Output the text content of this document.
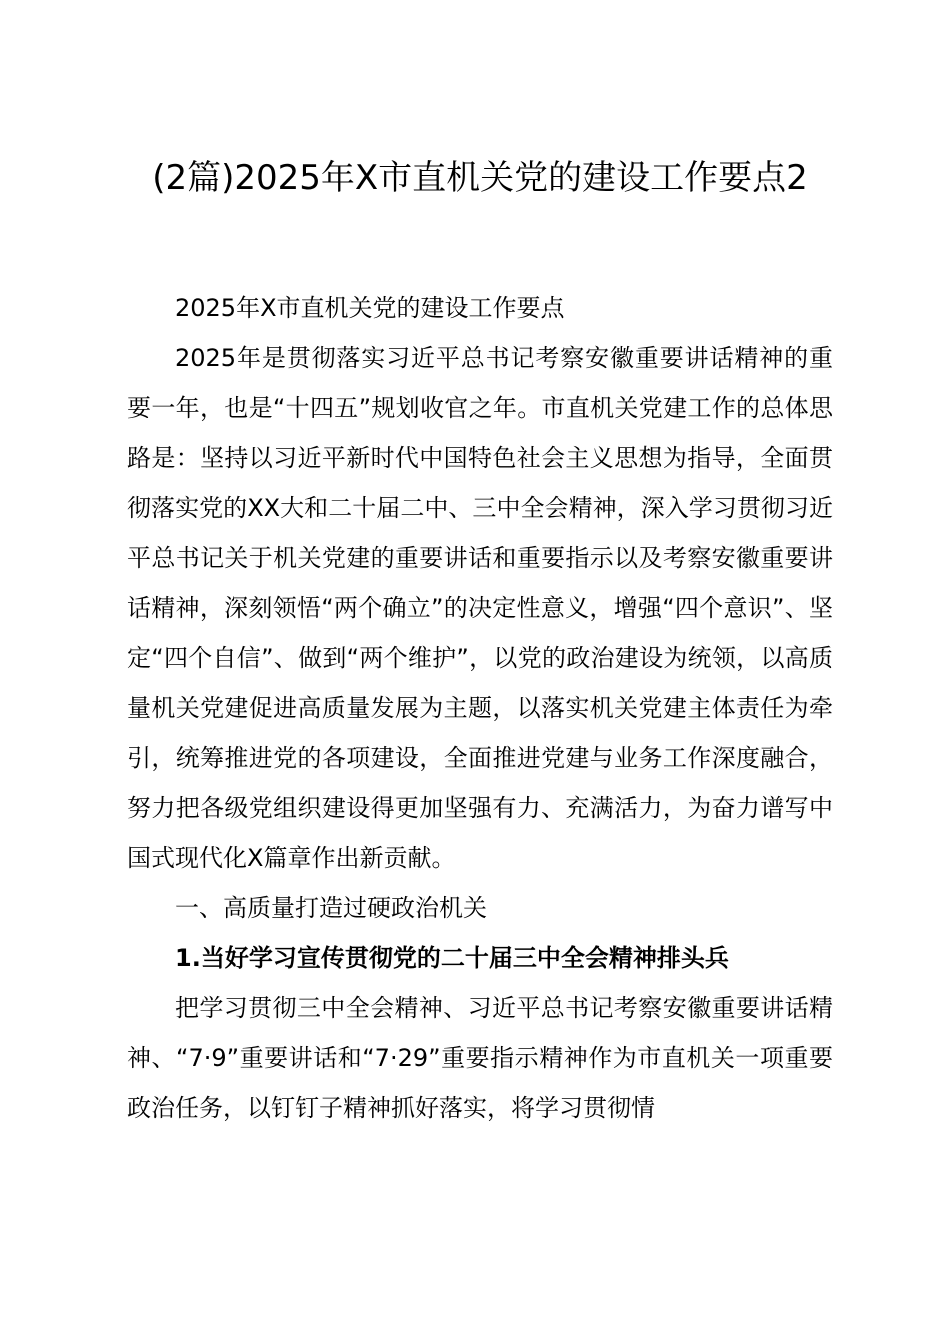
(2篇)2025年X市直机关党的建设工作要点2

2025年X市直机关党的建设工作要点

2025年是贯彻落实习近平总书记考察安徽重要讲话精神的重要一年，也是“十四五”规划收官之年。市直机关党建工作的总体思路是：坚持以习近平新时代中国特色社会主义思想为指导，全面贯彻落实党的XX大和二十届二中、三中全会精神，深入学习贯彻习近平总书记关于机关党建的重要讲话和重要指示以及考察安徽重要讲话精神，深刻领悟“两个确立”的决定性意义，增强“四个意识”、坚定“四个自信”、做到“两个维护”，以党的政治建设为统领，以高质量机关党建促进高质量发展为主题，以落实机关党建主体责任为牵引，统筹推进党的各项建设，全面推进党建与业务工作深度融合，努力把各级党组织建设得更加坚强有力、充满活力，为奋力谱写中国式现代化X篇章作出新贡献。

一、高质量打造过硬政治机关

1.当好学习宣传贯彻党的二十届三中全会精神排头兵

把学习贯彻三中全会精神、习近平总书记考察安徽重要讲话精神、“7·9”重要讲话和“7·29”重要指示精神作为市直机关一项重要政治任务，以钉钉子精神抓好落实，将学习贯彻情
